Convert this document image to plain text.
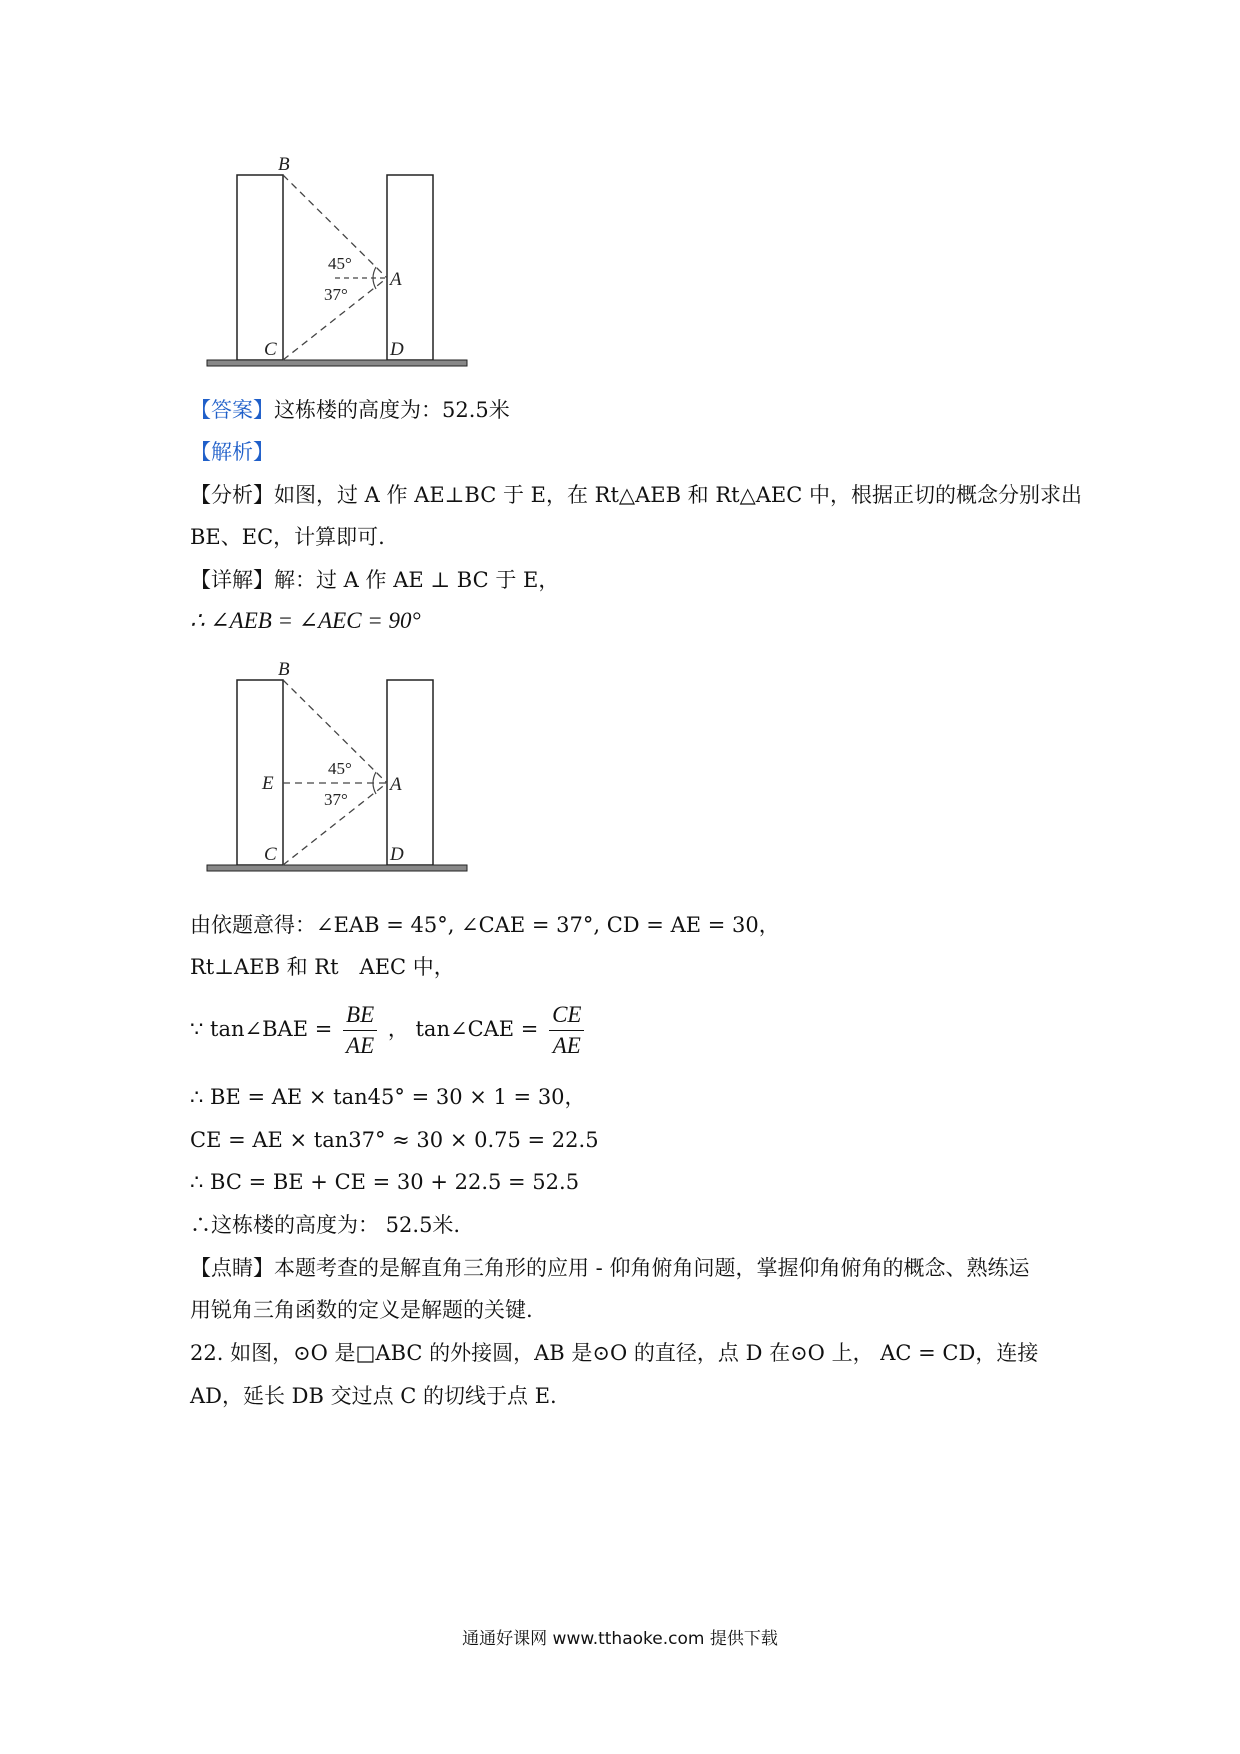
B
A
C	D
45°
37°
【答案】这栋楼的高度为：52.5米
【解析】
【分析】如图，过 A 作 AE⊥BC 于 E，在 Rt△AEB 和 Rt△AEC 中，根据正切的概念分别求出
BE、EC，计算即可.
【详解】解：过 A 作 AE ⊥ BC 于 E，
∴ ∠AEB = ∠AEC = 90°
B
E	A
C	D
45°
37°
由依题意得：∠EAB = 45°, ∠CAE = 37°, CD = AE = 30，
Rt⊥AEB 和 Rt　AEC 中，
∵ tan∠BAE = $\frac{BE}{AE}$ ， tan∠CAE = $\frac{CE}{AE}$
∴ BE = AE × tan45° = 30 × 1 = 30，
CE = AE × tan37° ≈ 30 × 0.75 = 22.5
∴ BC = BE + CE = 30 + 22.5 = 52.5
∴这栋楼的高度为： 52.5米.
【点睛】本题考查的是解直角三角形的应用 - 仰角俯角问题，掌握仰角俯角的概念、熟练运
用锐角三角函数的定义是解题的关键.
22. 如图，⊙O 是□ABC 的外接圆，AB 是⊙O 的直径，点 D 在⊙O 上， AC = CD，连接
AD，延长 DB 交过点 C 的切线于点 E.
通通好课网 www.tthaoke.com 提供下载
